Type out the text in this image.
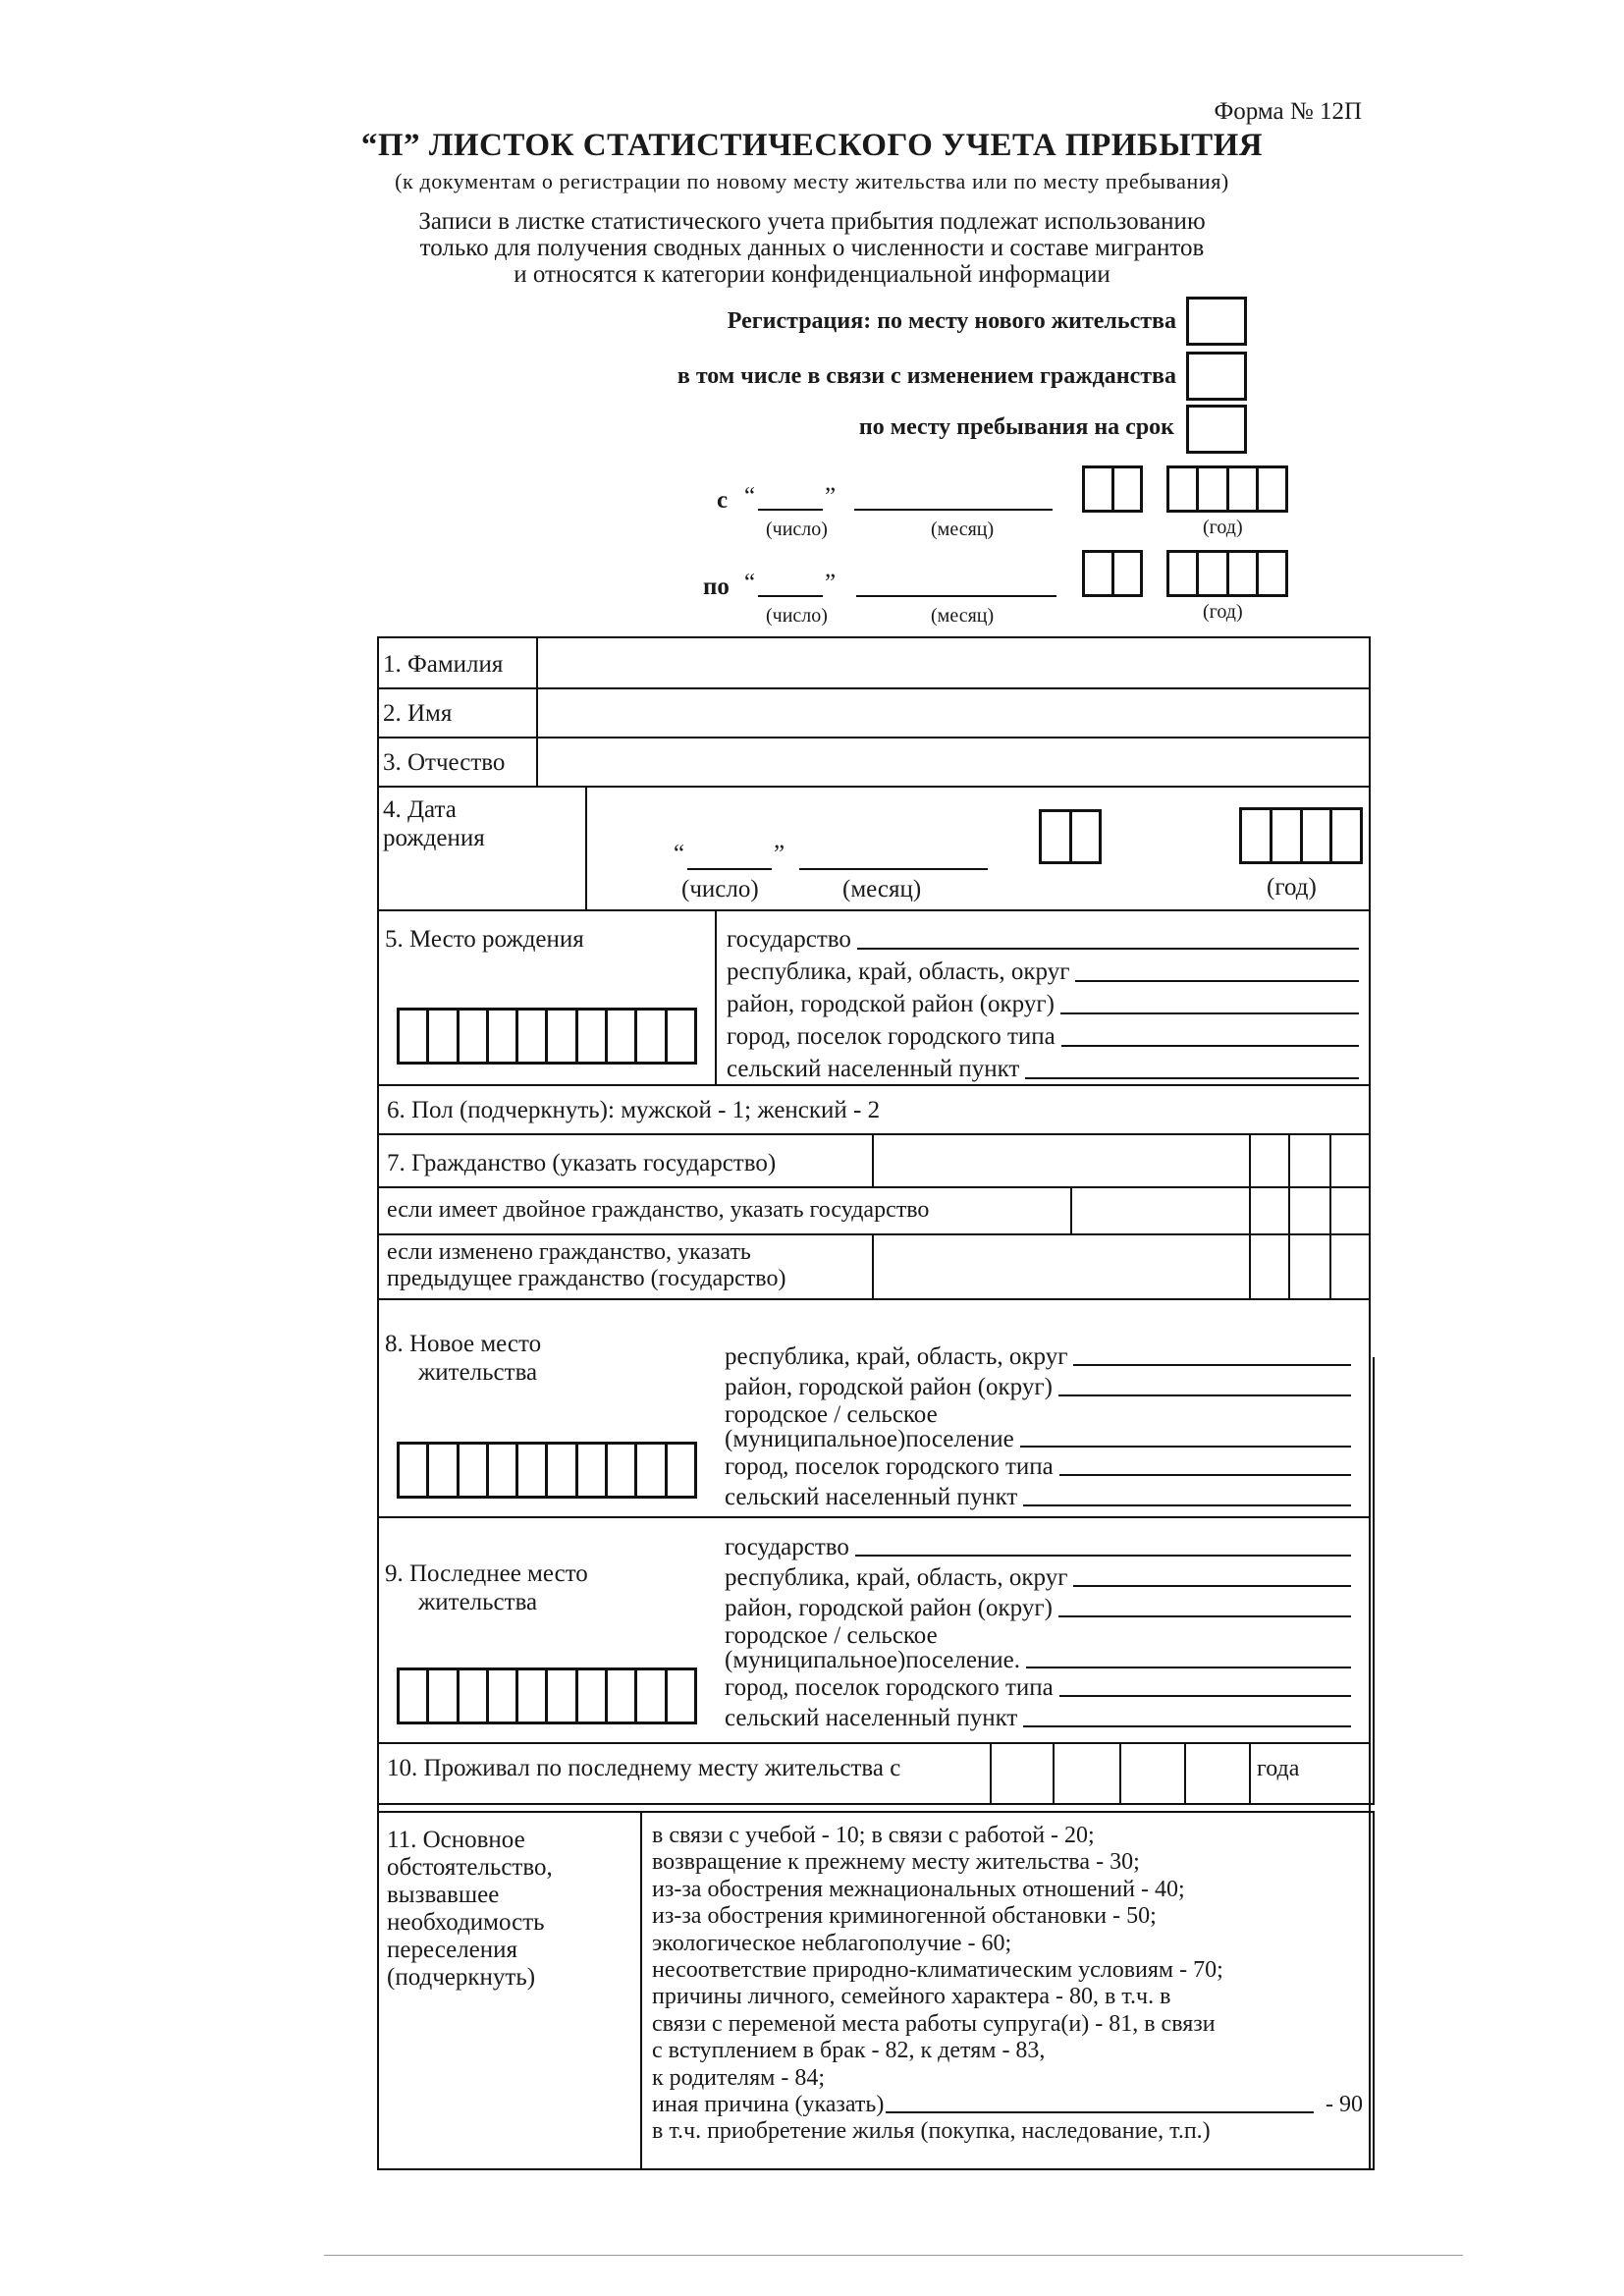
Форма № 12П
“П” ЛИСТОК СТАТИСТИЧЕСКОГО УЧЕТА ПРИБЫТИЯ
(к документам о регистрации по новому месту жительства или по месту пребывания)
Записи в листке статистического учета прибытия подлежат использованию
только для получения сводных данных о численности и составе мигрантов
и относятся к категории конфиденциальной информации
Регистрация: по месту нового жительства
в том числе в связи с изменением гражданства
по месту пребывания на срок
с “	”
(число)	(месяц)	(год)
по “	”
(число)	(месяц)	(год)
1. Фамилия
2. Имя
3. Отчество
4. Дата
рождения
“	”
(число)	(месяц)	(год)
5. Место рождения	государство
республика, край, область, округ
район, городской район (округ)
город, поселок городского типа
сельский населенный пункт
6. Пол (подчеркнуть): мужской - 1; женский - 2
7. Гражданство (указать государство)
если имеет двойное гражданство, указать государство
если изменено гражданство, указать
предыдущее гражданство (государство)
8. Новое место
жительства
республика, край, область, округ
район, городской район (округ)
городское / сельское
(муниципальное)поселение
город, поселок городского типа
сельский населенный пункт
9. Последнее место
жительства
государство
республика, край, область, округ
район, городской район (округ)
городское / сельское
(муниципальное)поселение.
город, поселок городского типа
сельский населенный пункт
10. Проживал по последнему месту жительства с	года
11. Основное
обстоятельство,
вызвавшее
необходимость
переселения
(подчеркнуть)
в связи с учебой - 10; в связи с работой - 20;
возвращение к прежнему месту жительства - 30;
из-за обострения межнациональных отношений - 40;
из-за обострения криминогенной обстановки - 50;
экологическое неблагополучие - 60;
несоответствие природно-климатическим условиям - 70;
причины личного, семейного характера - 80, в т.ч. в
связи с переменой места работы супруга(и) - 81, в связи
с вступлением в брак - 82, к детям - 83,
к родителям - 84;
иная причина (указать)	- 90
в т.ч. приобретение жилья (покупка, наследование, т.п.)
